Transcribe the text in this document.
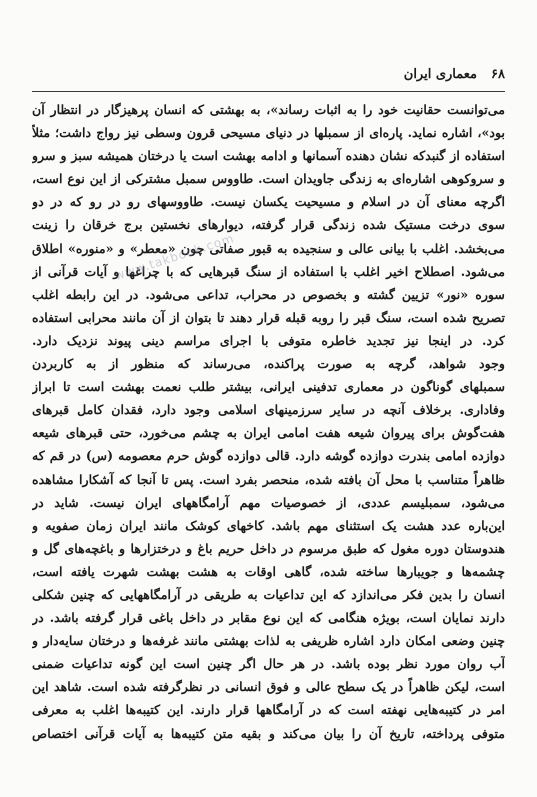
۶۸
معماری ایران
می‌توانست حقانیت خود را به اثبات رساند»، به بهشتی که انسان پرهیزگار در انتظار آن
بود»، اشاره نماید. پاره‌ای از سمبلها در دنیای مسیحی قرون وسطی نیز رواج داشت؛ مثلاً
استفاده از گنبدکه نشان دهنده آسمانها و ادامه بهشت است یا درختان همیشه سبز و سرو
و سروکوهی اشاره‌ای به زندگی جاویدان است. طاووس سمبل مشترکی از این نوع است،
اگرچه معنای آن در اسلام و مسیحیت یکسان نیست. طاووسهای رو در رو که در دو
سوی درخت مستیک شده زندگی قرار گرفته، دیوارهای نخستین برج خرقان را زینت
می‌بخشد. اغلب با بیانی عالی و سنجیده به قبور صفاتی چون «معطر» و «منوره» اطلاق
می‌شود. اصطلاح اخیر اغلب با استفاده از سنگ قبرهایی که با چراغها و آیات قرآنی از
سوره «نور» تزیین گشته و بخصوص در محراب، تداعی می‌شود. در این رابطه اغلب
تصریح شده است، سنگ قبر را روبه قبله قرار دهند تا بتوان از آن مانند محرابی استفاده
کرد. در اینجا نیز تجدید خاطره متوفی با اجرای مراسم دینی پیوند نزدیک دارد.
وجود شواهد، گرچه به صورت پراکنده، می‌رساند که منظور از به کاربردن
سمبلهای گوناگون در معماری تدفینی ایرانی، بیشتر طلب نعمت بهشت است تا ابراز
وفاداری. برخلاف آنچه در سایر سرزمینهای اسلامی وجود دارد، فقدان کامل قبرهای
هفت‌گوش برای پیروان شیعه هفت امامی ایران به چشم می‌خورد، حتی قبرهای شیعه
دوازده امامی بندرت دوازده گوشه دارد. قالی دوازده گوش حرم معصومه (س) در قم که
ظاهراً متناسب با محل آن بافته شده، منحصر بفرد است. پس تا آنجا که آشکارا مشاهده
می‌شود، سمبلیسم عددی، از خصوصیات مهم آرامگاههای ایران نیست. شاید در
این‌باره عدد هشت یک استثنای مهم باشد. کاخهای کوشک مانند ایران زمان صفویه و
هندوستان دوره مغول که طبق مرسوم در داخل حریم باغ و درختزارها و باغچه‌های گل و
چشمه‌ها و جویبارها ساخته شده، گاهی اوقات به هشت بهشت شهرت یافته است،
انسان را بدین فکر می‌اندازد که این تداعیات به طریقی در آرامگاههایی که چنین شکلی
دارند نمایان است، بویژه هنگامی که این نوع مقابر در داخل باغی قرار گرفته باشد. در
چنین وضعی امکان دارد اشاره ظریفی به لذات بهشتی مانند غرفه‌ها و درختان سایه‌دار و
آب روان مورد نظر بوده باشد. در هر حال اگر چنین است این گونه تداعیات ضمنی
است، لیکن ظاهراً در یک سطح عالی و فوق انسانی در نظرگرفته شده است. شاهد این
امر در کتیبه‌هایی نهفته است که در آرامگاهها قرار دارند. این کتیبه‌ها اغلب به معرفی
متوفی پرداخته، تاریخ آن را بیان می‌کند و بقیه متن کتیبه‌ها به آیات قرآنی اختصاص
www.takbook.com
